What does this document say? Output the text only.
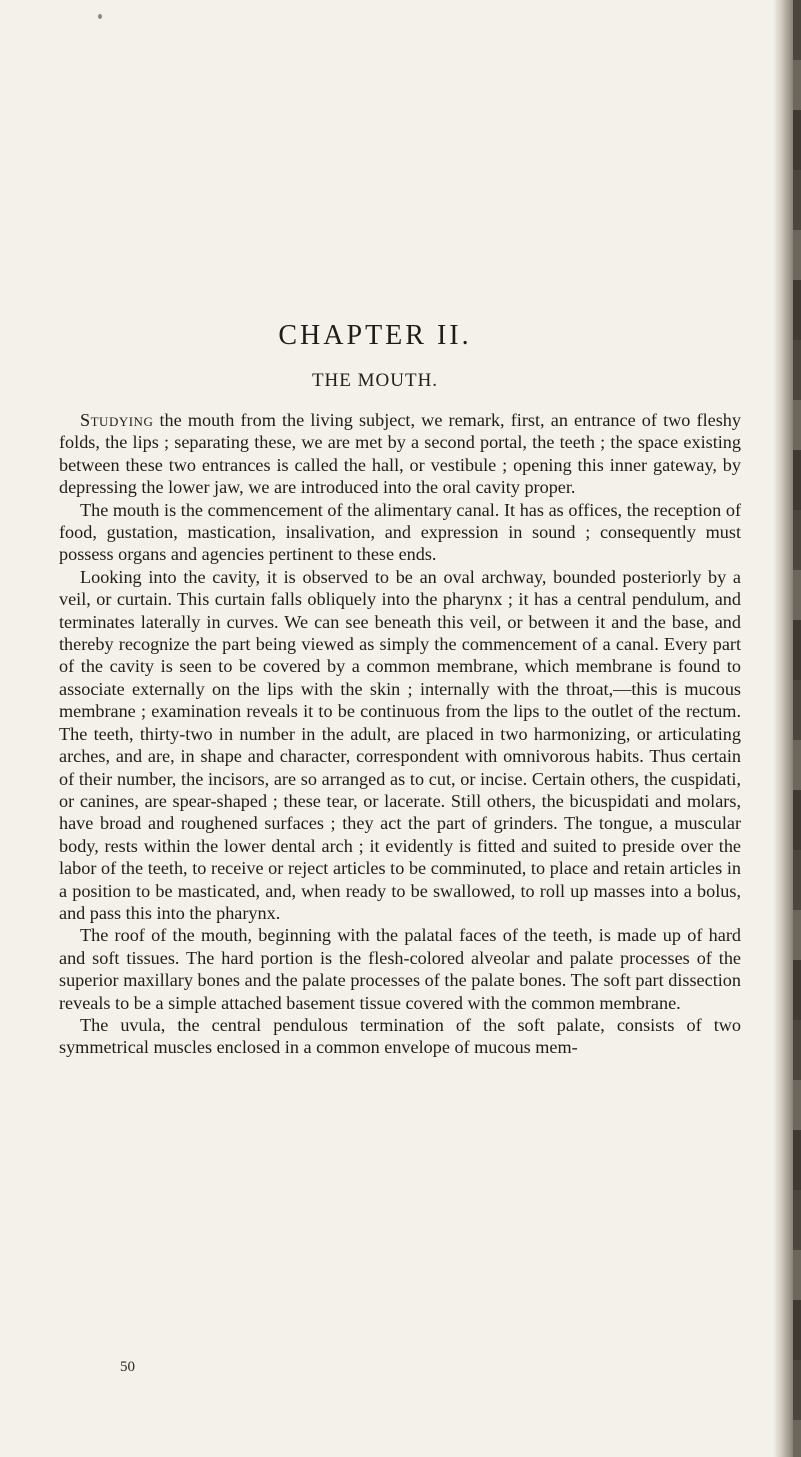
CHAPTER II.
THE MOUTH.

Studying the mouth from the living subject, we remark, first, an entrance of two fleshy folds, the lips ; separating these, we are met by a second portal, the teeth ; the space existing between these two entrances is called the hall, or vestibule ; opening this inner gateway, by depressing the lower jaw, we are introduced into the oral cavity proper.

The mouth is the commencement of the alimentary canal. It has as offices, the reception of food, gustation, mastication, insalivation, and expression in sound ; consequently must possess organs and agencies pertinent to these ends.

Looking into the cavity, it is observed to be an oval archway, bounded posteriorly by a veil, or curtain. This curtain falls obliquely into the pharynx ; it has a central pendulum, and terminates laterally in curves. We can see beneath this veil, or between it and the base, and thereby recognize the part being viewed as simply the commencement of a canal. Every part of the cavity is seen to be covered by a common membrane, which membrane is found to associate externally on the lips with the skin ; internally with the throat,—this is mucous membrane ; examination reveals it to be continuous from the lips to the outlet of the rectum. The teeth, thirty-two in number in the adult, are placed in two harmonizing, or articulating arches, and are, in shape and character, correspondent with omnivorous habits. Thus certain of their number, the incisors, are so arranged as to cut, or incise. Certain others, the cuspidati, or canines, are spear-shaped ; these tear, or lacerate. Still others, the bicuspidati and molars, have broad and roughened surfaces ; they act the part of grinders. The tongue, a muscular body, rests within the lower dental arch ; it evidently is fitted and suited to preside over the labor of the teeth, to receive or reject articles to be comminuted, to place and retain articles in a position to be masticated, and, when ready to be swallowed, to roll up masses into a bolus, and pass this into the pharynx.

The roof of the mouth, beginning with the palatal faces of the teeth, is made up of hard and soft tissues. The hard portion is the flesh-colored alveolar and palate processes of the superior maxillary bones and the palate processes of the palate bones. The soft part dissection reveals to be a simple attached basement tissue covered with the common membrane.

The uvula, the central pendulous termination of the soft palate, consists of two symmetrical muscles enclosed in a common envelope of mucous mem-

50
